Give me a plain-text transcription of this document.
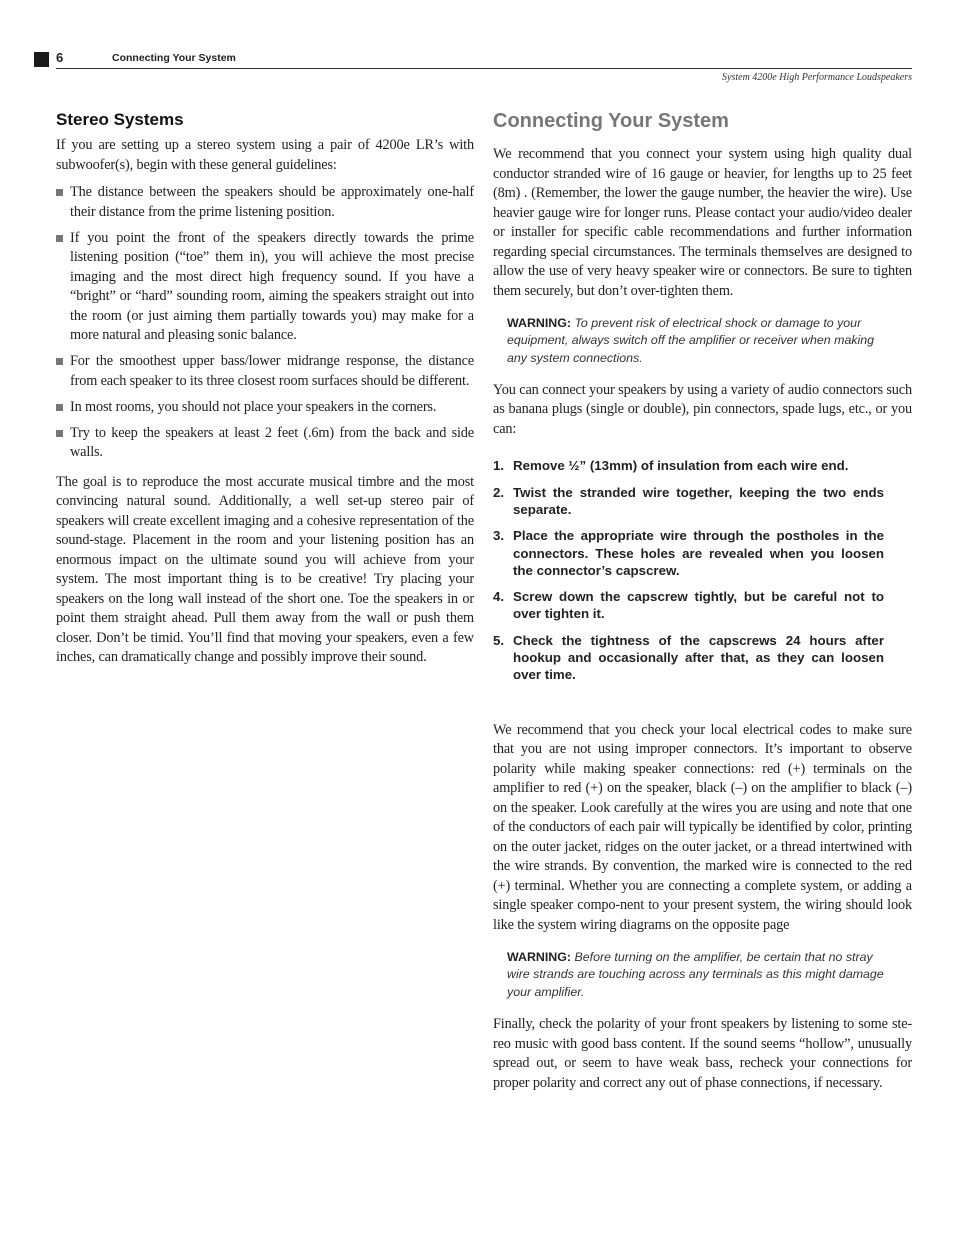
6	Connecting Your System
System 4200e High Performance Loudspeakers
Stereo Systems

If you are setting up a stereo system using a pair of 4200e LR’s with subwoofer(s), begin with these general guidelines:

The distance between the speakers should be approximately one-half their distance from the prime listening position.
If you point the front of the speakers directly towards the prime listening position (“toe” them in), you will achieve the most precise imaging and the most direct high frequency sound. If you have a “bright” or “hard” sounding room, aiming the speakers straight out into the room (or just aiming them partially towards you) may make for a more natural and pleasing sonic balance.
For the smoothest upper bass/lower midrange response, the distance from each speaker to its three closest room surfaces should be different.
In most rooms, you should not place your speakers in the corners.
Try to keep the speakers at least 2 feet (.6m) from the back and side walls.

The goal is to reproduce the most accurate musical timbre and the most convincing natural sound. Additionally, a well set-up stereo pair of speakers will create excellent imaging and a cohesive representation of the sound-stage. Placement in the room and your listening position has an enormous impact on the ultimate sound you will achieve from your system. The most important thing is to be creative! Try placing your speakers on the long wall instead of the short one. Toe the speakers in or point them straight ahead. Pull them away from the wall or push them closer. Don’t be timid. You’ll find that moving your speakers, even a few inches, can dramatically change and possibly improve their sound.

Connecting Your System

We recommend that you connect your system using high quality dual conductor stranded wire of 16 gauge or heavier, for lengths up to 25 feet (8m) . (Remember, the lower the gauge number, the heavier the wire). Use heavier gauge wire for longer runs. Please contact your audio/video dealer or installer for specific cable recommendations and further information regarding special circumstances. The terminals themselves are designed to allow the use of very heavy speaker wire or connectors. Be sure to tighten them securely, but don’t over-tighten them.

WARNING: To prevent risk of electrical shock or damage to your equipment, always switch off the amplifier or receiver when making any system connections.

You can connect your speakers by using a variety of audio connectors such as banana plugs (single or double), pin connectors, spade lugs, etc., or you can:

1. Remove ½” (13mm) of insulation from each wire end.
2. Twist the stranded wire together, keeping the two ends separate.
3. Place the appropriate wire through the postholes in the connectors. These holes are revealed when you loosen the connector’s capscrew.
4. Screw down the capscrew tightly, but be careful not to over tighten it.
5. Check the tightness of the capscrews 24 hours after hookup and occasionally after that, as they can loosen over time.

We recommend that you check your local electrical codes to make sure that you are not using improper connectors. It’s important to observe polarity while making speaker connections: red (+) terminals on the amplifier to red (+) on the speaker, black (–) on the amplifier to black (–) on the speaker. Look carefully at the wires you are using and note that one of the conductors of each pair will typically be identified by color, printing on the outer jacket, ridges on the outer jacket, or a thread intertwined with the wire strands. By convention, the marked wire is connected to the red (+) terminal. Whether you are connecting a complete system, or adding a single speaker compo-nent to your present system, the wiring should look like the system wiring diagrams on the opposite page

WARNING: Before turning on the amplifier, be certain that no stray wire strands are touching across any terminals as this might damage your amplifier.

Finally, check the polarity of your front speakers by listening to some ste-reo music with good bass content. If the sound seems “hollow”, unusually spread out, or seem to have weak bass, recheck your connections for proper polarity and correct any out of phase connections, if necessary.
